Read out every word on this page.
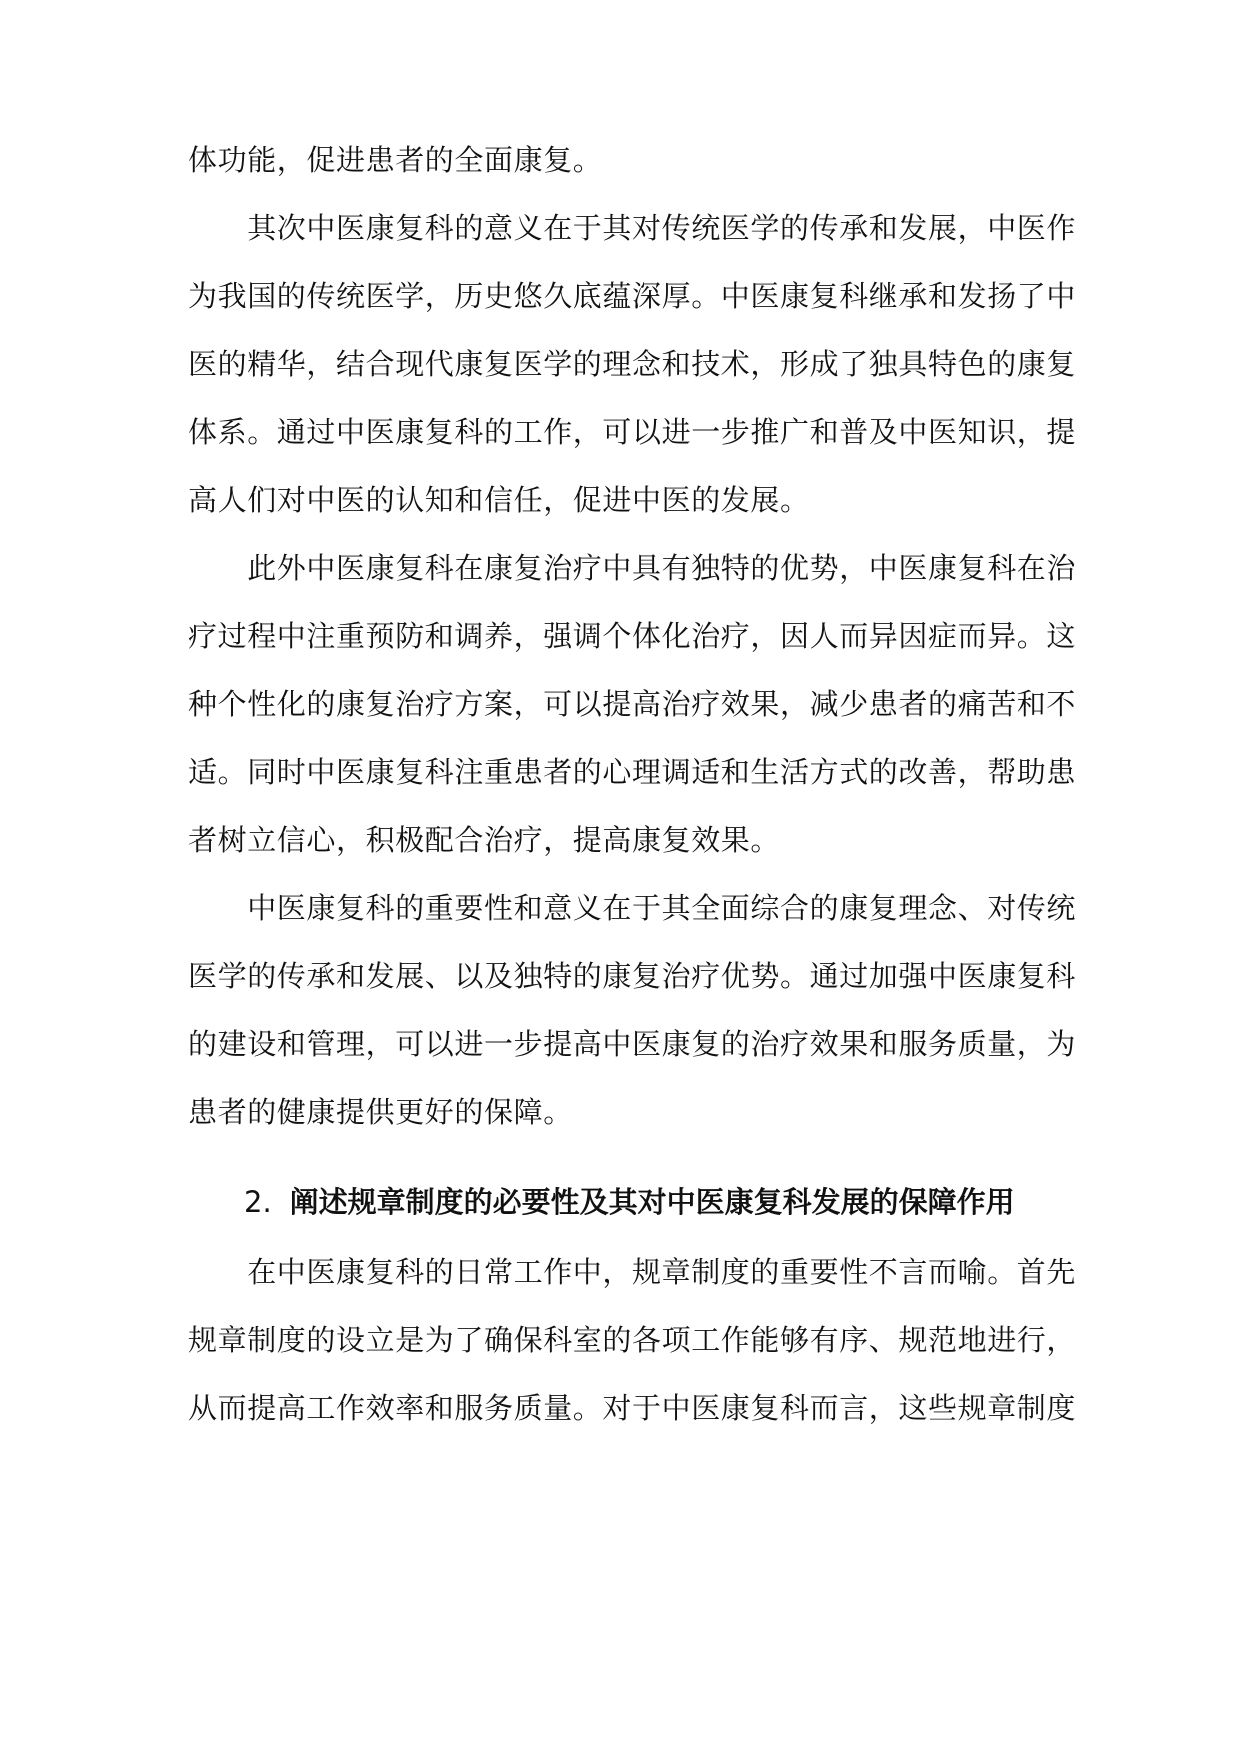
体功能，促进患者的全面康复。
　　其次中医康复科的意义在于其对传统医学的传承和发展，中医作
为我国的传统医学，历史悠久底蕴深厚。中医康复科继承和发扬了中
医的精华，结合现代康复医学的理念和技术，形成了独具特色的康复
体系。通过中医康复科的工作，可以进一步推广和普及中医知识，提
高人们对中医的认知和信任，促进中医的发展。
　　此外中医康复科在康复治疗中具有独特的优势，中医康复科在治
疗过程中注重预防和调养，强调个体化治疗，因人而异因症而异。这
种个性化的康复治疗方案，可以提高治疗效果，减少患者的痛苦和不
适。同时中医康复科注重患者的心理调适和生活方式的改善，帮助患
者树立信心，积极配合治疗，提高康复效果。
　　中医康复科的重要性和意义在于其全面综合的康复理念、对传统
医学的传承和发展、以及独特的康复治疗优势。通过加强中医康复科
的建设和管理，可以进一步提高中医康复的治疗效果和服务质量，为
患者的健康提供更好的保障。
2. 阐述规章制度的必要性及其对中医康复科发展的保障作用
　　在中医康复科的日常工作中，规章制度的重要性不言而喻。首先
规章制度的设立是为了确保科室的各项工作能够有序、规范地进行，
从而提高工作效率和服务质量。对于中医康复科而言，这些规章制度
